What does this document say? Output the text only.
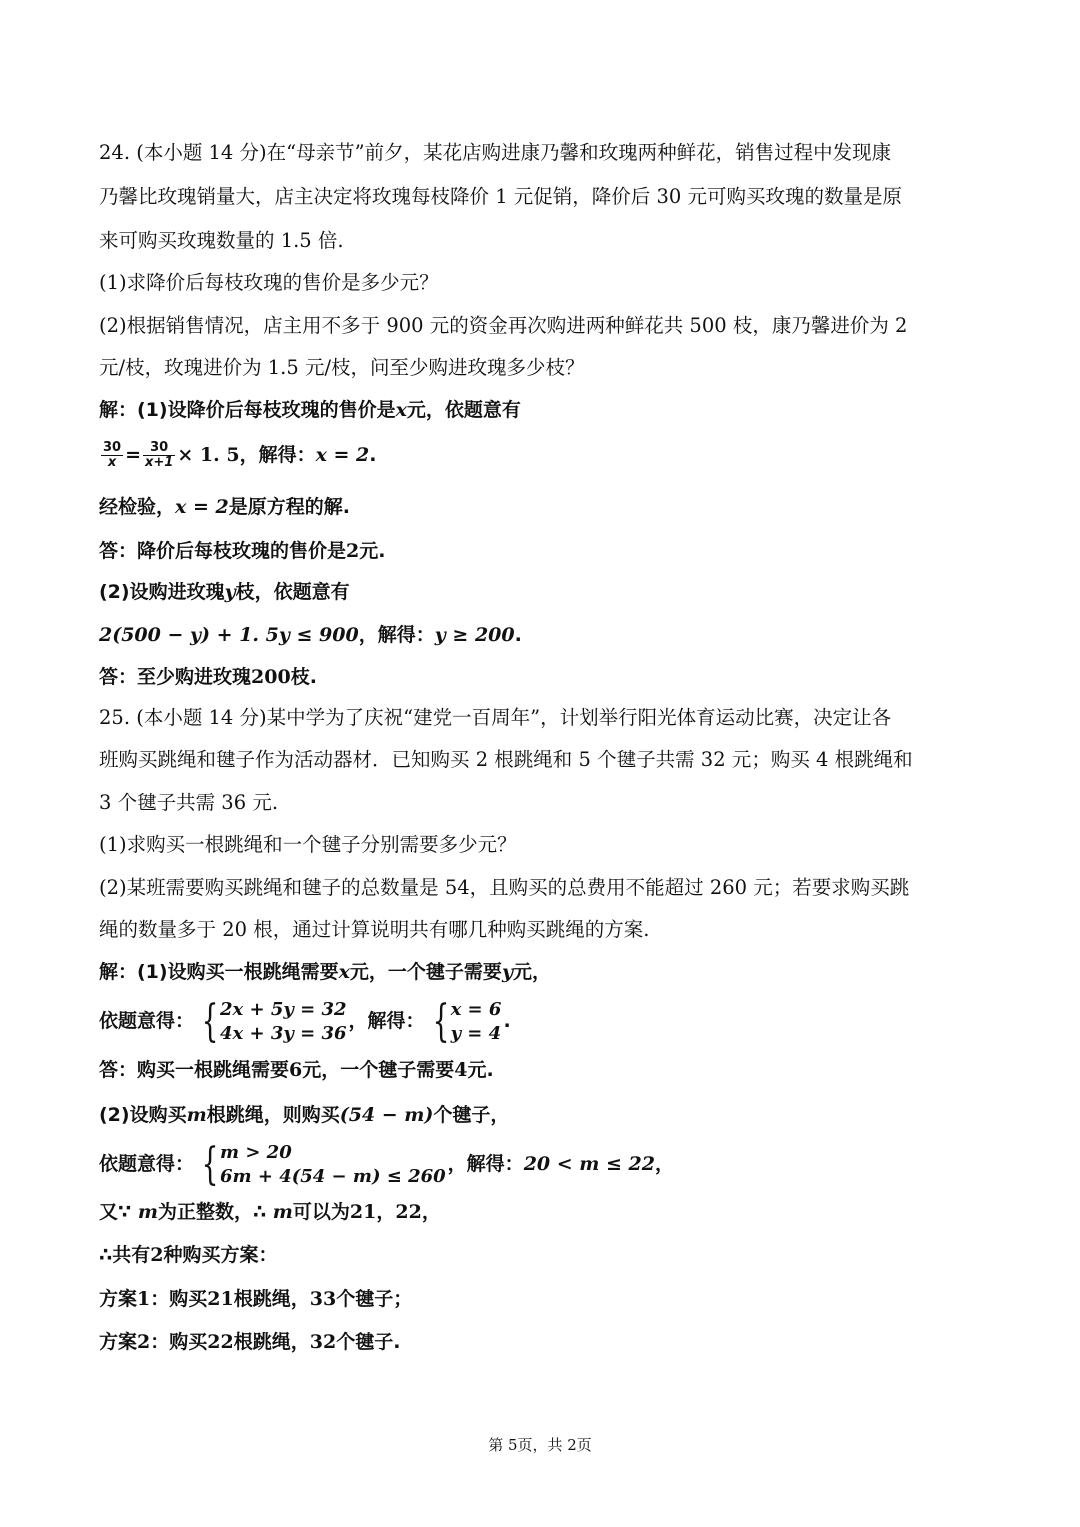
24. (本小题 14 分)在“母亲节”前夕，某花店购进康乃馨和玫瑰两种鲜花，销售过程中发现康
乃馨比玫瑰销量大，店主决定将玫瑰每枝降价 1 元促销，降价后 30 元可购买玫瑰的数量是原
来可购买玫瑰数量的 1.5 倍.
(1)求降价后每枝玫瑰的售价是多少元？
(2)根据销售情况，店主用不多于 900 元的资金再次购进两种鲜花共 500 枝，康乃馨进价为 2
元/枝，玫瑰进价为 1.5 元/枝，问至少购进玫瑰多少枝？
解：(1)设降价后每枝玫瑰的售价是x元，依题意有
$\frac{30}{x} = \frac{30}{x+1} \times 1$. 5，解得：x = 2.
经检验，x = 2是原方程的解.
答：降价后每枝玫瑰的售价是2元.
(2)设购进玫瑰y枝，依题意有
2(500 − y) + 1. 5y ≤ 900，解得：y ≥ 200.
答：至少购进玫瑰200枝.
25. (本小题 14 分)某中学为了庆祝“建党一百周年”，计划举行阳光体育运动比赛，决定让各
班购买跳绳和毽子作为活动器材．已知购买 2 根跳绳和 5 个毽子共需 32 元；购买 4 根跳绳和
3 个毽子共需 36 元.
(1)求购买一根跳绳和一个毽子分别需要多少元？
(2)某班需要购买跳绳和毽子的总数量是 54，且购买的总费用不能超过 260 元；若要求购买跳
绳的数量多于 20 根，通过计算说明共有哪几种购买跳绳的方案.
解：(1)设购买一根跳绳需要x元，一个毽子需要y元，
依题意得： { 2x + 5y = 32
4x + 3y = 36
，解得： { x = 6
y = 4
.
答：购买一根跳绳需要6元，一个毽子需要4元.
(2)设购买m根跳绳，则购买(54 − m)个毽子，
依题意得： { m > 20
6m + 4(54 − m) ≤ 260
，解得：20 < m ≤ 22，
又∵ m为正整数，∴ m可以为21，22，
∴共有2种购买方案：
方案1：购买21根跳绳，33个毽子；
方案2：购买22根跳绳，32个毽子.
第 5页，共 2页
